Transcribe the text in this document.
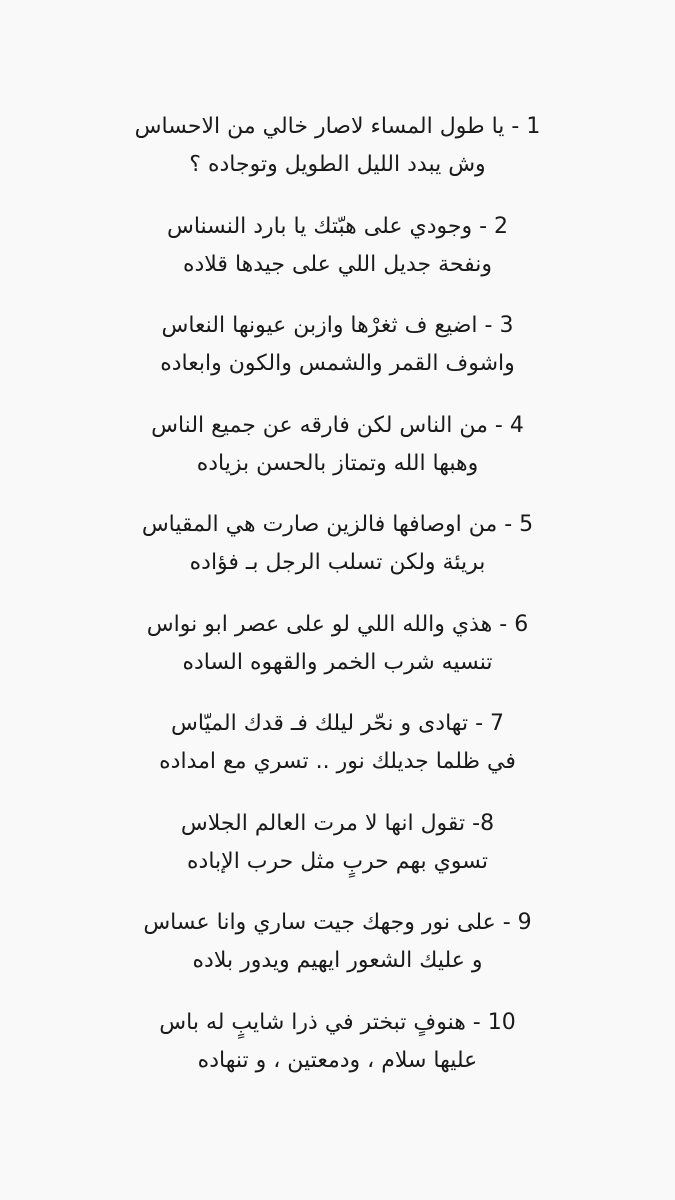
1 - يا طول المساء لاصار خالي من الاحساس
وش يبدد الليل الطويل وتوجاده ؟
2 - وجودي على هبّتك يا بارد النسناس
ونفحة جديل اللي على جيدها قلاده
3 - اضيع ف ثغرْها وازبن عيونها النعاس
واشوف القمر والشمس والكون وابعاده
4 - من الناس لكن فارقه عن جميع الناس
وهبها الله وتمتاز بالحسن بزياده
5 - من اوصافها فالزين صارت هي المقياس
بريئة ولكن تسلب الرجل بـ فؤاده
6 - هذي والله اللي لو على عصر ابو نواس
تنسيه شرب الخمر والقهوه الساده
7 - تهادى و نحّر ليلك فـ قدك الميّاس
في ظلما جديلك نور .. تسري مع امداده
8- تقول انها لا مرت العالم الجلاس
تسوي بهم حربٍ مثل حرب الإباده
9 - على نور وجهك جيت ساري وانا عساس
و عليك الشعور ايهيم ويدور بلاده
10 - هنوفٍ تبختر في ذرا شايبٍ له باس
عليها سلام ، ودمعتين ، و تنهاده
